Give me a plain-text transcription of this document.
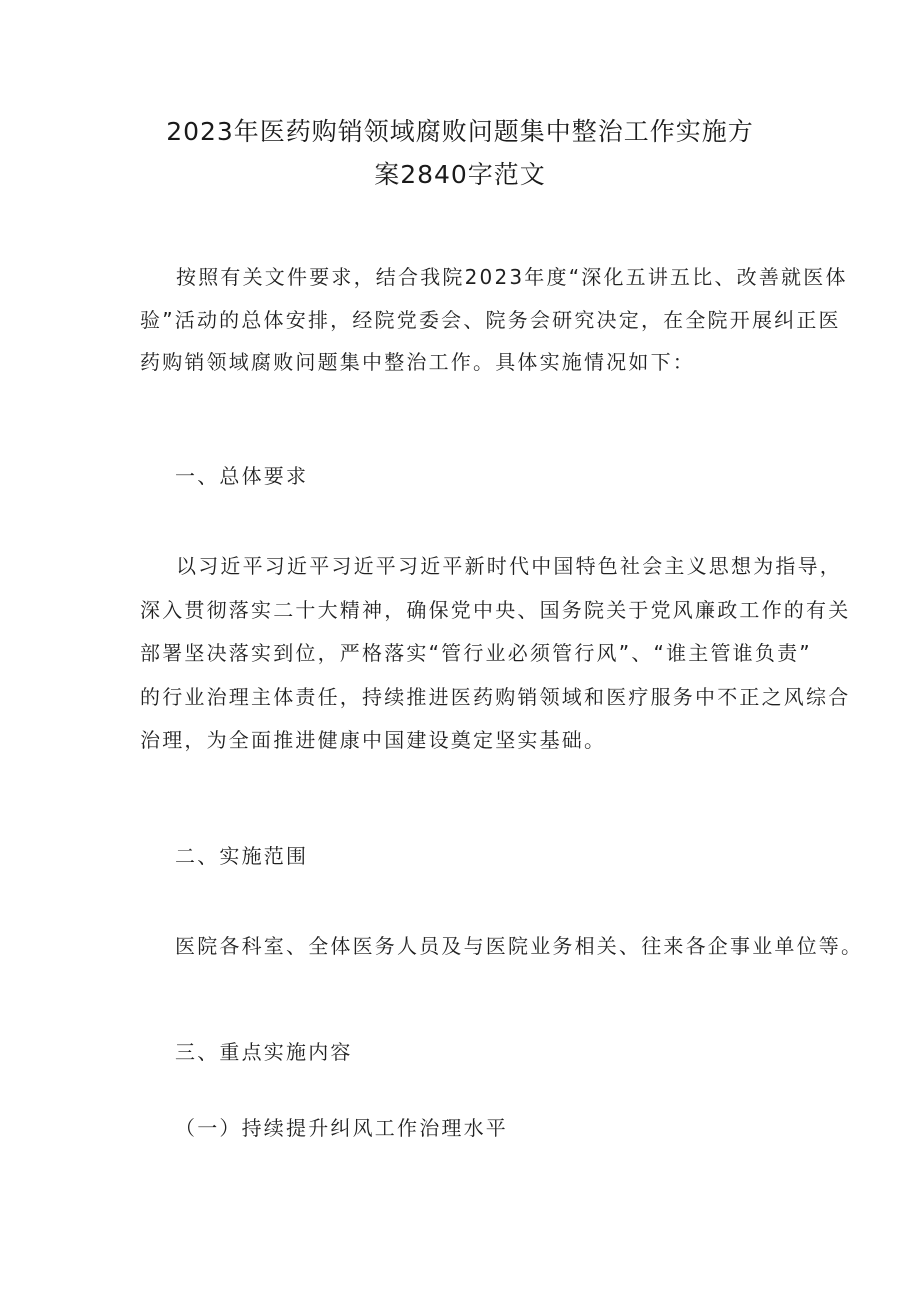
2023年医药购销领域腐败问题集中整治工作实施方
案2840字范文
按照有关文件要求，结合我院2023年度“深化五讲五比、改善就医体
验”活动的总体安排，经院党委会、院务会研究决定，在全院开展纠正医
药购销领域腐败问题集中整治工作。具体实施情况如下：
一、总体要求
以习近平习近平习近平习近平新时代中国特色社会主义思想为指导，
深入贯彻落实二十大精神，确保党中央、国务院关于党风廉政工作的有关
部署坚决落实到位，严格落实“管行业必须管行风”、“谁主管谁负责”
的行业治理主体责任，持续推进医药购销领域和医疗服务中不正之风综合
治理，为全面推进健康中国建设奠定坚实基础。
二、实施范围
医院各科室、全体医务人员及与医院业务相关、往来各企事业单位等。
三、重点实施内容
（一）持续提升纠风工作治理水平
